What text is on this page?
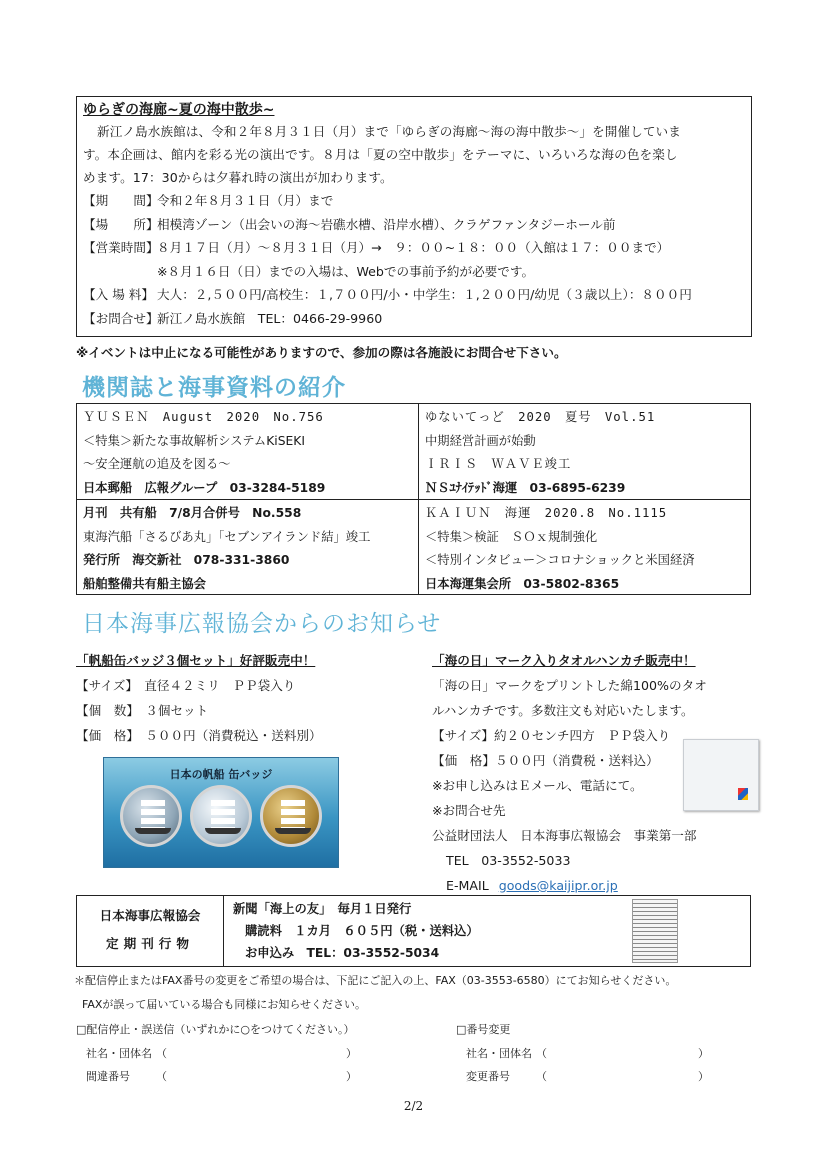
ゆらぎの海廊~夏の海中散歩~
新江ノ島水族館は、令和２年８月３１日（月）まで「ゆらぎの海廊～海の海中散歩～」を開催していま
す。本企画は、館内を彩る光の演出です。８月は「夏の空中散歩」をテーマに、いろいろな海の色を楽し
めます。17：30からは夕暮れ時の演出が加わります。
【期　　間】
令和２年８月３１日（月）まで
【場　　所】
相模湾ゾーン（出会いの海～岩礁水槽、沿岸水槽）、クラゲファンタジーホール前
【営業時間】
８月１７日（月）～８月３１日（月）→　９：００~１８：００（入館は１７：００まで）
※８月１６日（日）までの入場は、Webでの事前予約が必要です。
【入 場 料】 大人：２,５００円/高校生：１,７００円/小・中学生：１,２００円/幼児（３歳以上）：８００円
【お問合せ】
新江ノ島水族館　TEL：0466-29-9960
※イベントは中止になる可能性がありますので、参加の際は各施設にお問合せ下さい。
機関誌と海事資料の紹介
ＹＵＳＥＮ　August　2020　No.756
＜特集＞新たな事故解析システムKiSEKI
～安全運航の追及を図る～
日本郵船　広報グループ　03-3284-5189
ゆないてっど　2020　夏号　Vol.51
中期経営計画が始動
ＩＲＩＳ　ＷＡＶＥ竣工
ＮＳﾕﾅｲﾃｯﾄﾞ海運　03-6895-6239
月刊　共有船　7/8月合併号　No.558
東海汽船「さるびあ丸」「セブンアイランド結」竣工
発行所　海交新社　078-331-3860
船舶整備共有船主協会
ＫＡＩＵＮ　海運　2020.8　No.1115
＜特集＞検証　ＳＯｘ規制強化
＜特別インタビュー＞コロナショックと米国経済
日本海運集会所　03-5802-8365
日本海事広報協会からのお知らせ
「帆船缶バッジ３個セット」好評販売中！
【サイズ】　直径４２ミリ　ＰＰ袋入り
【個　数】　３個セット
【価　格】　５００円（消費税込・送料別）
日本の帆船 缶バッジ
「海の日」マーク入りタオルハンカチ販売中！
「海の日」マークをプリントした綿100%のタオ
ルハンカチです。多数注文も対応いたします。
【サイズ】約２０センチ四方　ＰＰ袋入り
【価　格】５００円（消費税・送料込）
※お申し込みはＥメール、電話にて。
※お問合せ先
公益財団法人　日本海事広報協会　事業第一部
TEL　03-3552-5033
E-MAIL goods@kaijipr.or.jp
日本海事広報協会
定期刊行物
新聞「海上の友」　毎月１日発行
購読料　１カ月　６０５円（税・送料込）
お申込み　TEL：03-3552-5034
＊配信停止またはFAX番号の変更をご希望の場合は、下記にご記入の上、FAX（03-3553-6580）にてお知らせください。
FAXが誤って届いている場合も同様にお知らせください。
□配信停止・誤送信（いずれかに○をつけてください。）	□番号変更
社名・団体名 （	）	社名・団体名 （	）
間違番号 （	）	変更番号 （	）
2/2
